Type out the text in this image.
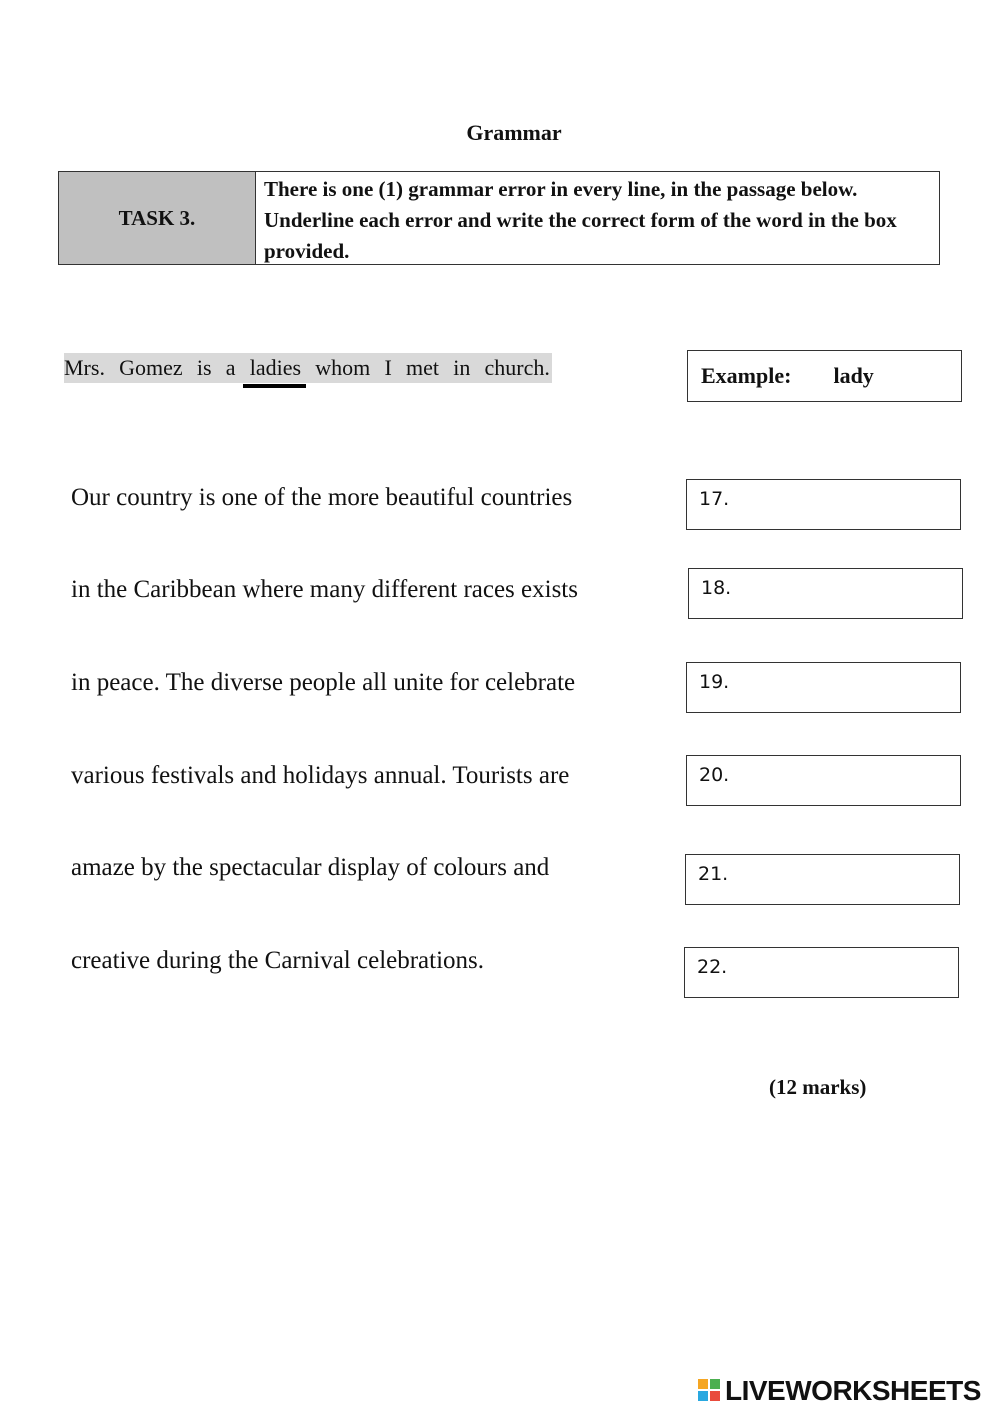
Grammar
TASK 3.
There is one (1) grammar error in every line, in the passage below. Underline each error and write the correct form of the word in the box provided.
Mrs. Gomez is a ladies whom I met in church.	Example: lady
Our country is one of the more beautiful countries
in the Caribbean where many different races exists
in peace. The diverse people all unite for celebrate
various festivals and holidays annual. Tourists are
amaze by the spectacular display of colours and
creative during the Carnival celebrations.
17.
18.
19.
20.
21.
22.
(12 marks)
LIVEWORKSHEETS
